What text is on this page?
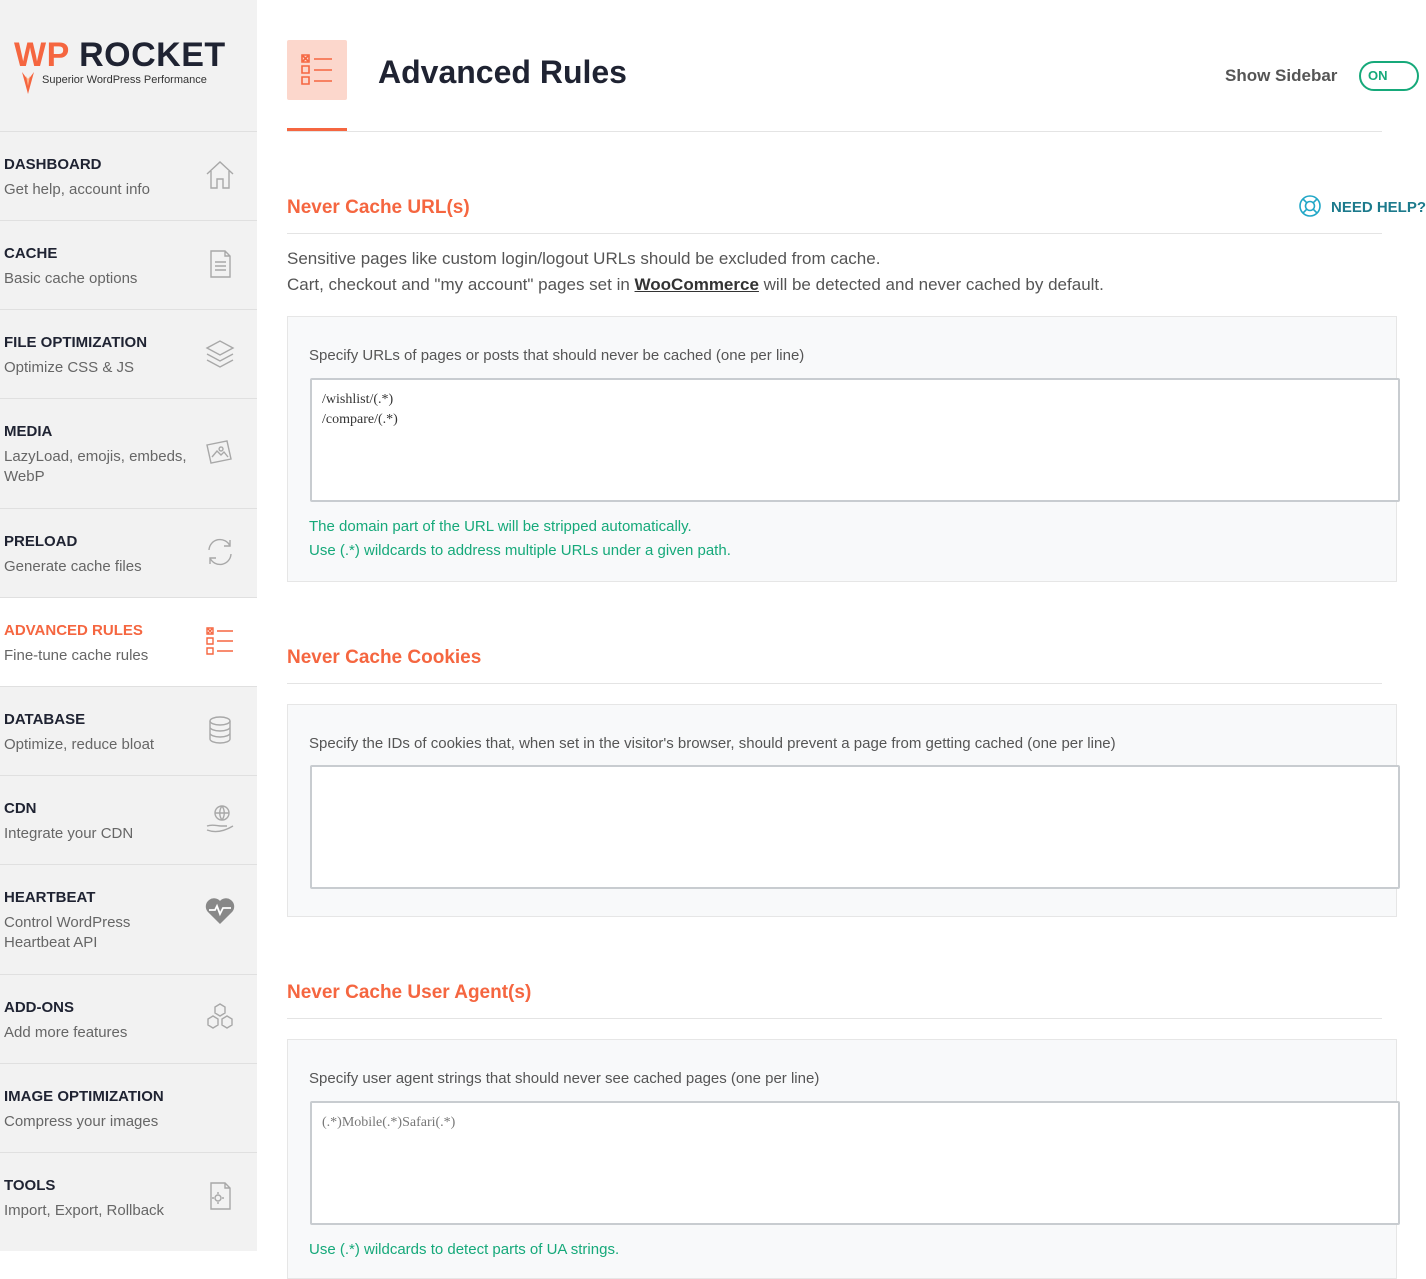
WP ROCKET
Superior WordPress Performance
DASHBOARD
Get help, account info
CACHE
Basic cache options
FILE OPTIMIZATION
Optimize CSS & JS
MEDIA
LazyLoad, emojis, embeds, WebP
PRELOAD
Generate cache files
ADVANCED RULES
Fine-tune cache rules
DATABASE
Optimize, reduce bloat
CDN
Integrate your CDN
HEARTBEAT
Control WordPress Heartbeat API
ADD-ONS
Add more features
IMAGE OPTIMIZATION
Compress your images
TOOLS
Import, Export, Rollback
Advanced Rules	Show Sidebar ON
Never Cache URL(s)	NEED HELP?
Sensitive pages like custom login/logout URLs should be excluded from cache.
Cart, checkout and "my account" pages set in WooCommerce will be detected and never cached by default.
Specify URLs of pages or posts that should never be cached (one per line)
/wishlist/(.*) /compare/(.*)
The domain part of the URL will be stripped automatically.
Use (.*) wildcards to address multiple URLs under a given path.
Never Cache Cookies
Specify the IDs of cookies that, when set in the visitor's browser, should prevent a page from getting cached (one per line)
Never Cache User Agent(s)
Specify user agent strings that should never see cached pages (one per line)
(.*)Mobile(.*)Safari(.*)
Use (.*) wildcards to detect parts of UA strings.
